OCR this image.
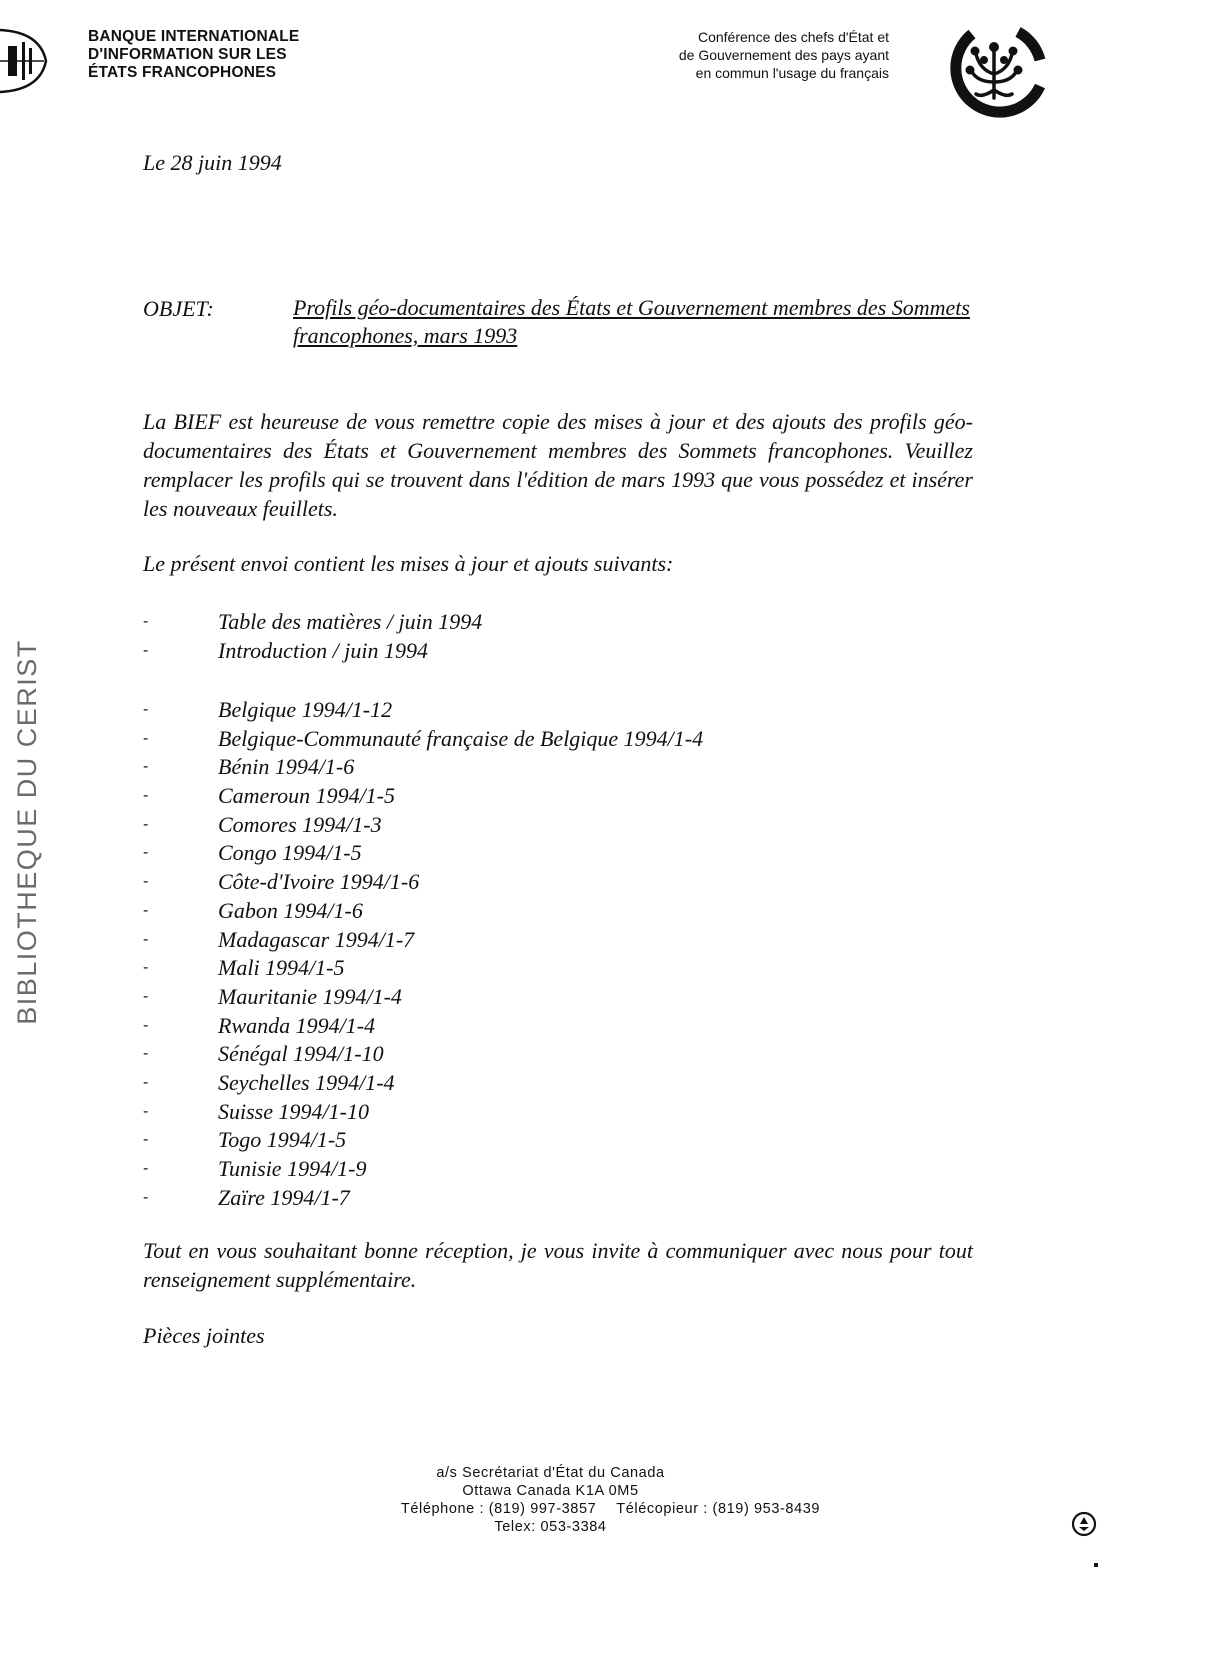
BANQUE INTERNATIONALE
D'INFORMATION SUR LES
ÉTATS FRANCOPHONES
Conférence des chefs d'État et
de Gouvernement des pays ayant
en commun l'usage du français
BIBLIOTHEQUE DU CERIST
Le 28 juin 1994
OBJET:	Profils géo-documentaires des États et Gouvernement membres des Sommets francophones, mars 1993
La BIEF est heureuse de vous remettre copie des mises à jour et des ajouts des profils géo-documentaires des États et Gouvernement membres des Sommets francophones. Veuillez remplacer les profils qui se trouvent dans l'édition de mars 1993 que vous possédez et insérer les nouveaux feuillets.
Le présent envoi contient les mises à jour et ajouts suivants:
-	Table des matières / juin 1994
-	Introduction / juin 1994
-	Belgique 1994/1-12
-	Belgique-Communauté française de Belgique 1994/1-4
-	Bénin 1994/1-6
-	Cameroun 1994/1-5
-	Comores 1994/1-3
-	Congo 1994/1-5
-	Côte-d'Ivoire 1994/1-6
-	Gabon 1994/1-6
-	Madagascar 1994/1-7
-	Mali 1994/1-5
-	Mauritanie 1994/1-4
-	Rwanda 1994/1-4
-	Sénégal 1994/1-10
-	Seychelles 1994/1-4
-	Suisse 1994/1-10
-	Togo 1994/1-5
-	Tunisie 1994/1-9
-	Zaïre 1994/1-7
Tout en vous souhaitant bonne réception, je vous invite à communiquer avec nous pour tout renseignement supplémentaire.
Pièces jointes
a/s Secrétariat d'État du Canada
Ottawa Canada K1A 0M5
Téléphone : (819) 997-3857 Télécopieur : (819) 953-8439
Telex: 053-3384
